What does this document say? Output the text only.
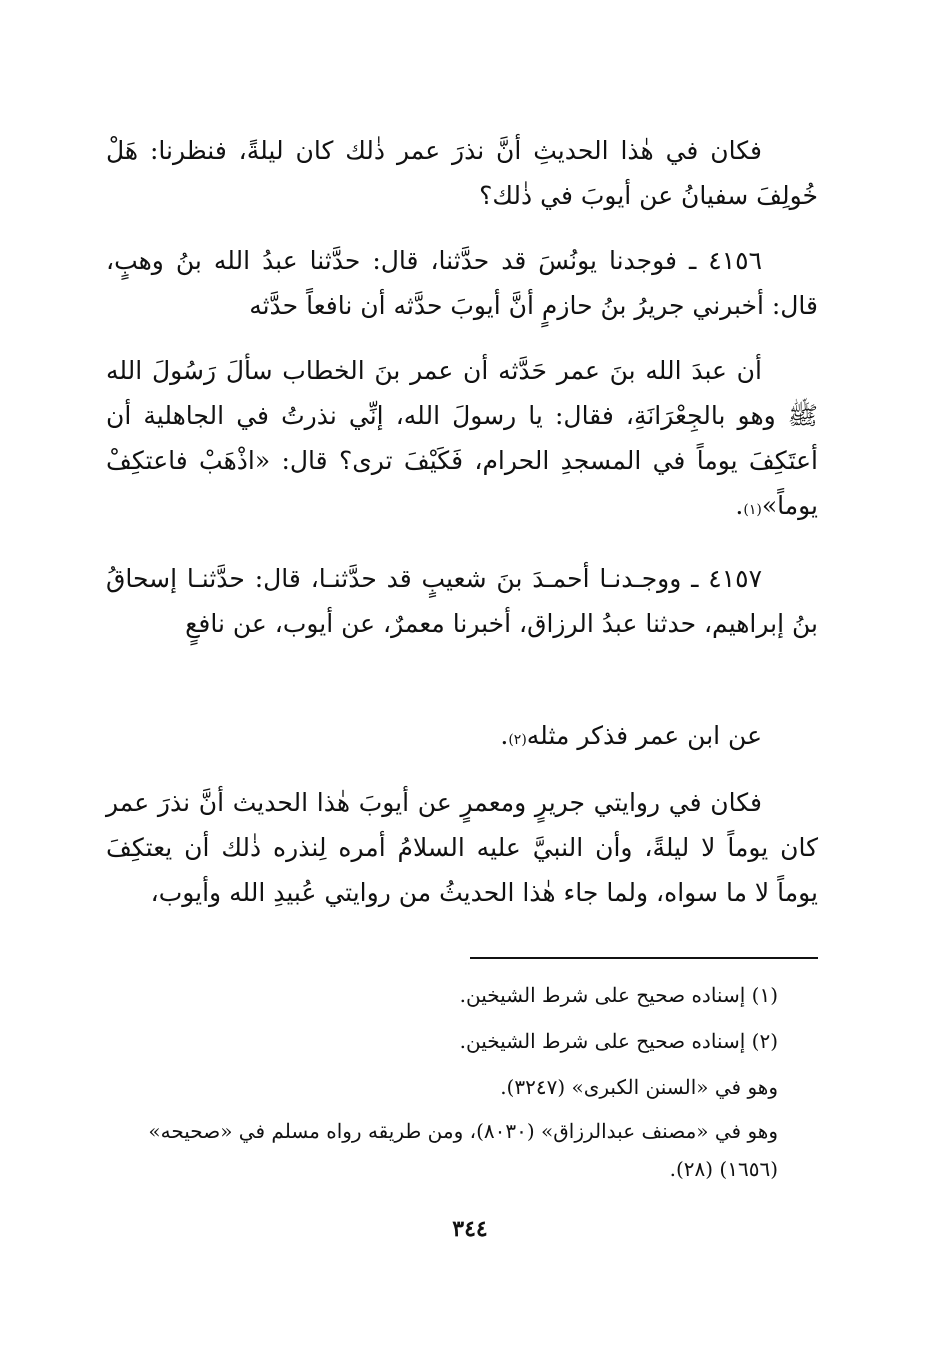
فكان في هٰذا الحديثِ أنَّ نذرَ عمر ذٰلك كان ليلةً، فنظرنا: هَلْ خُولِفَ سفيانُ عن أيوبَ في ذٰلك؟

٤١٥٦ ـ فوجدنا يونُسَ قد حدَّثنا، قال: حدَّثنا عبدُ الله بنُ وهبٍ، قال: أخبرني جريرُ بنُ حازمٍ أنَّ أيوبَ حدَّثه أن نافعاً حدَّثه

أن عبدَ الله بنَ عمر حَدَّثه أن عمر بنَ الخطاب سألَ رَسُولَ الله ﷺ وهو بالجِعْرَانَةِ، فقال: يا رسولَ الله، إنِّي نذرتُ في الجاهلية أن أعتَكِفَ يوماً في المسجدِ الحرام، فَكَيْفَ ترى؟ قال: «اذْهَبْ فاعتكِفْ يوماً»(١).

٤١٥٧ ـ ووجـدنـا أحمـدَ بنَ شعيبٍ قد حدَّثنـا، قال: حدَّثنـا إسحاقُ بنُ إبراهيم، حدثنا عبدُ الرزاق، أخبرنا معمرٌ، عن أيوب، عن نافعٍ

عن ابن عمر فذكر مثله(٢).

فكان في روايتي جريرٍ ومعمرٍ عن أيوبَ هٰذا الحديث أنَّ نذرَ عمر كان يوماً لا ليلةً، وأن النبيَّ عليه السلامُ أمره لِنذره ذٰلك أن يعتكِفَ يوماً لا ما سواه، ولما جاء هٰذا الحديثُ من روايتي عُبيدِ الله وأيوب،

(١) إسناده صحيح على شرط الشيخين.

(٢) إسناده صحيح على شرط الشيخين.

وهو في «السنن الكبرى» (٣٢٤٧).

وهو في «مصنف عبدالرزاق» (٨٠٣٠)، ومن طريقه رواه مسلم في «صحيحه» (١٦٥٦) (٢٨).

٣٤٤
